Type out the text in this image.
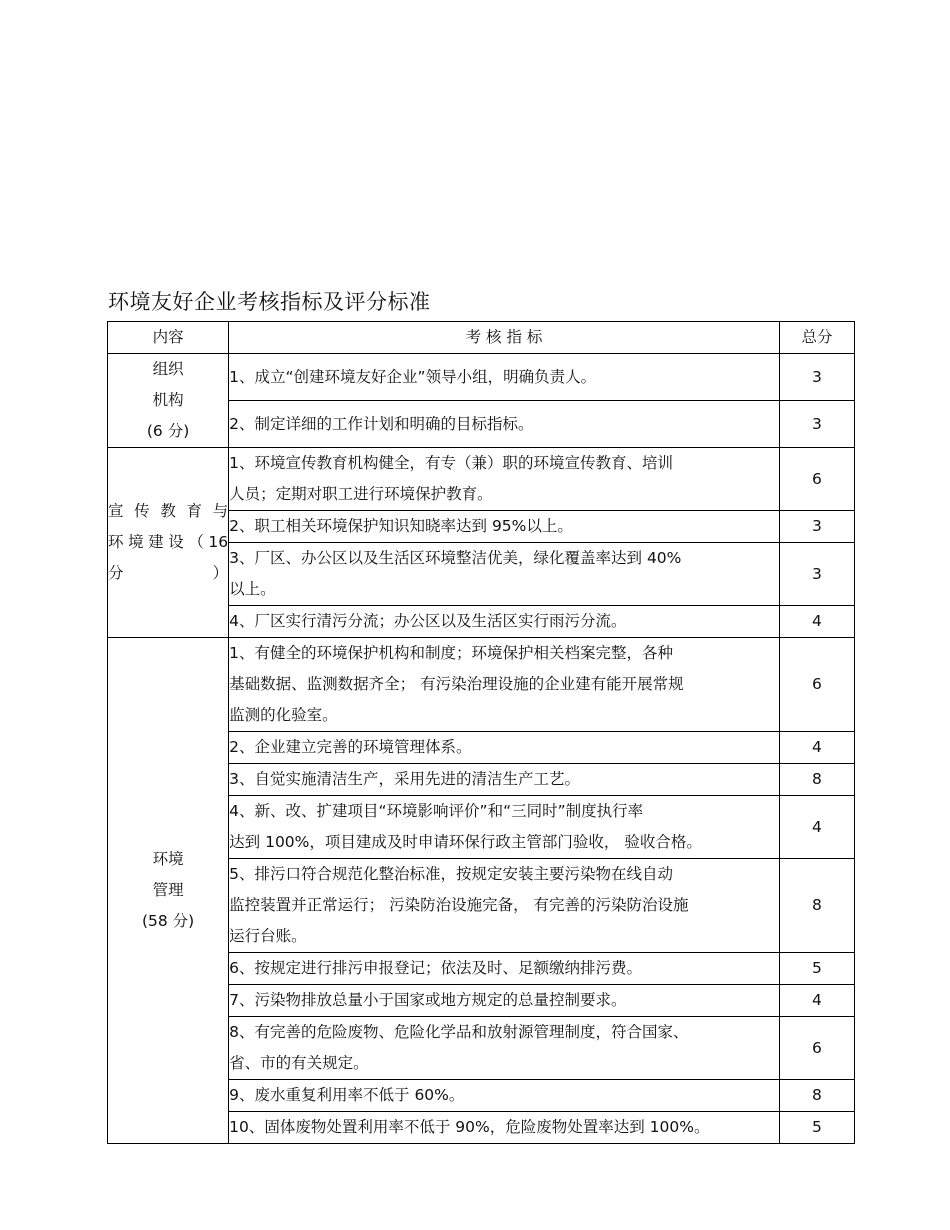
环境友好企业考核指标及评分标准
内容	考 核 指 标	总分

组织
机构
(6 分)	1、成立“创建环境友好企业”领导小组，明确负责人。	3

	2、制定详细的工作计划和明确的目标指标。	3

宣 传 教 育 与
环境建设（16
分）	1、环境宣传教育机构健全，有专（兼）职的环境宣传教育、培训
人员；定期对职工进行环境保护教育。	6

	2、职工相关环境保护知识知晓率达到 95%以上。	3

	3、厂区、办公区以及生活区环境整洁优美，绿化覆盖率达到 40%
以上。	3

	4、厂区实行清污分流；办公区以及生活区实行雨污分流。	4

环境
管理
(58 分)	1、有健全的环境保护机构和制度；环境保护相关档案完整，各种
基础数据、监测数据齐全； 有污染治理设施的企业建有能开展常规
监测的化验室。	6

	2、企业建立完善的环境管理体系。	4

	3、自觉实施清洁生产，采用先进的清洁生产工艺。	8

	4、新、改、扩建项目“环境影响评价”和“三同时”制度执行率
达到 100%，项目建成及时申请环保行政主管部门验收， 验收合格。	4

	5、排污口符合规范化整治标准，按规定安装主要污染物在线自动
监控装置并正常运行； 污染防治设施完备， 有完善的污染防治设施
运行台账。	8

	6、按规定进行排污申报登记；依法及时、足额缴纳排污费。	5

	7、污染物排放总量小于国家或地方规定的总量控制要求。	4

	8、有完善的危险废物、危险化学品和放射源管理制度，符合国家、
省、市的有关规定。	6

	9、废水重复利用率不低于 60%。	8

	10、固体废物处置利用率不低于 90%，危险废物处置率达到 100%。	5
